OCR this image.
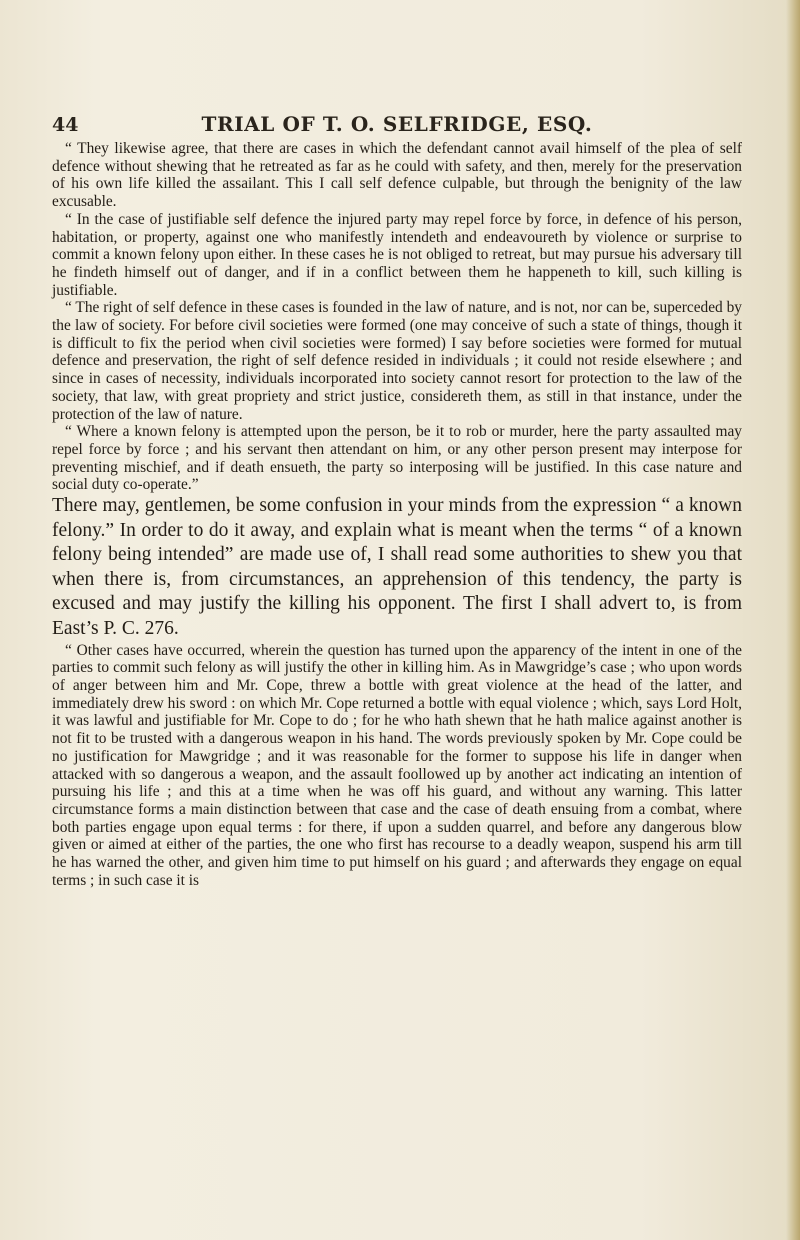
44	TRIAL OF T. O. SELFRIDGE, ESQ.

“ They likewise agree, that there are cases in which the defendant cannot avail himself of the plea of self defence without shewing that he retreated as far as he could with safety, and then, merely for the preservation of his own life killed the assailant. This I call self defence culpable, but through the benignity of the law excusable.

“ In the case of justifiable self defence the injured party may repel force by force, in defence of his person, habitation, or property, against one who manifestly intendeth and endeavoureth by violence or surprise to commit a known felony upon either. In these cases he is not obliged to retreat, but may pursue his adversary till he findeth himself out of danger, and if in a conflict between them he happeneth to kill, such killing is justifiable.

“ The right of self defence in these cases is founded in the law of nature, and is not, nor can be, superceded by the law of society. For before civil societies were formed (one may conceive of such a state of things, though it is difficult to fix the period when civil societies were formed) I say before societies were formed for mutual defence and preservation, the right of self defence resided in individuals ; it could not reside elsewhere ; and since in cases of necessity, individuals incorporated into society cannot resort for protection to the law of the society, that law, with great propriety and strict justice, considereth them, as still in that instance, under the protection of the law of nature.

“ Where a known felony is attempted upon the person, be it to rob or murder, here the party assaulted may repel force by force ; and his servant then attendant on him, or any other person present may interpose for preventing mischief, and if death ensueth, the party so interposing will be justified. In this case nature and social duty co-operate.”

There may, gentlemen, be some confusion in your minds from the expression “ a known felony.” In order to do it away, and explain what is meant when the terms “ of a known felony being intended” are made use of, I shall read some authorities to shew you that when there is, from circumstances, an apprehension of this tendency, the party is excused and may justify the killing his opponent. The first I shall advert to, is from East’s P. C. 276.

“ Other cases have occurred, wherein the question has turned upon the apparency of the intent in one of the parties to commit such felony as will justify the other in killing him. As in Mawgridge’s case ; who upon words of anger between him and Mr. Cope, threw a bottle with great violence at the head of the latter, and immediately drew his sword : on which Mr. Cope returned a bottle with equal violence ; which, says Lord Holt, it was lawful and justifiable for Mr. Cope to do ; for he who hath shewn that he hath malice against another is not fit to be trusted with a dangerous weapon in his hand. The words previously spoken by Mr. Cope could be no justification for Mawgridge ; and it was reasonable for the former to suppose his life in danger when attacked with so dangerous a weapon, and the assault foollowed up by another act indicating an intention of pursuing his life ; and this at a time when he was off his guard, and without any warning. This latter circumstance forms a main distinction between that case and the case of death ensuing from a combat, where both parties engage upon equal terms : for there, if upon a sudden quarrel, and before any dangerous blow given or aimed at either of the parties, the one who first has recourse to a deadly weapon, suspend his arm till he has warned the other, and given him time to put himself on his guard ; and afterwards they engage on equal terms ; in such case it is
